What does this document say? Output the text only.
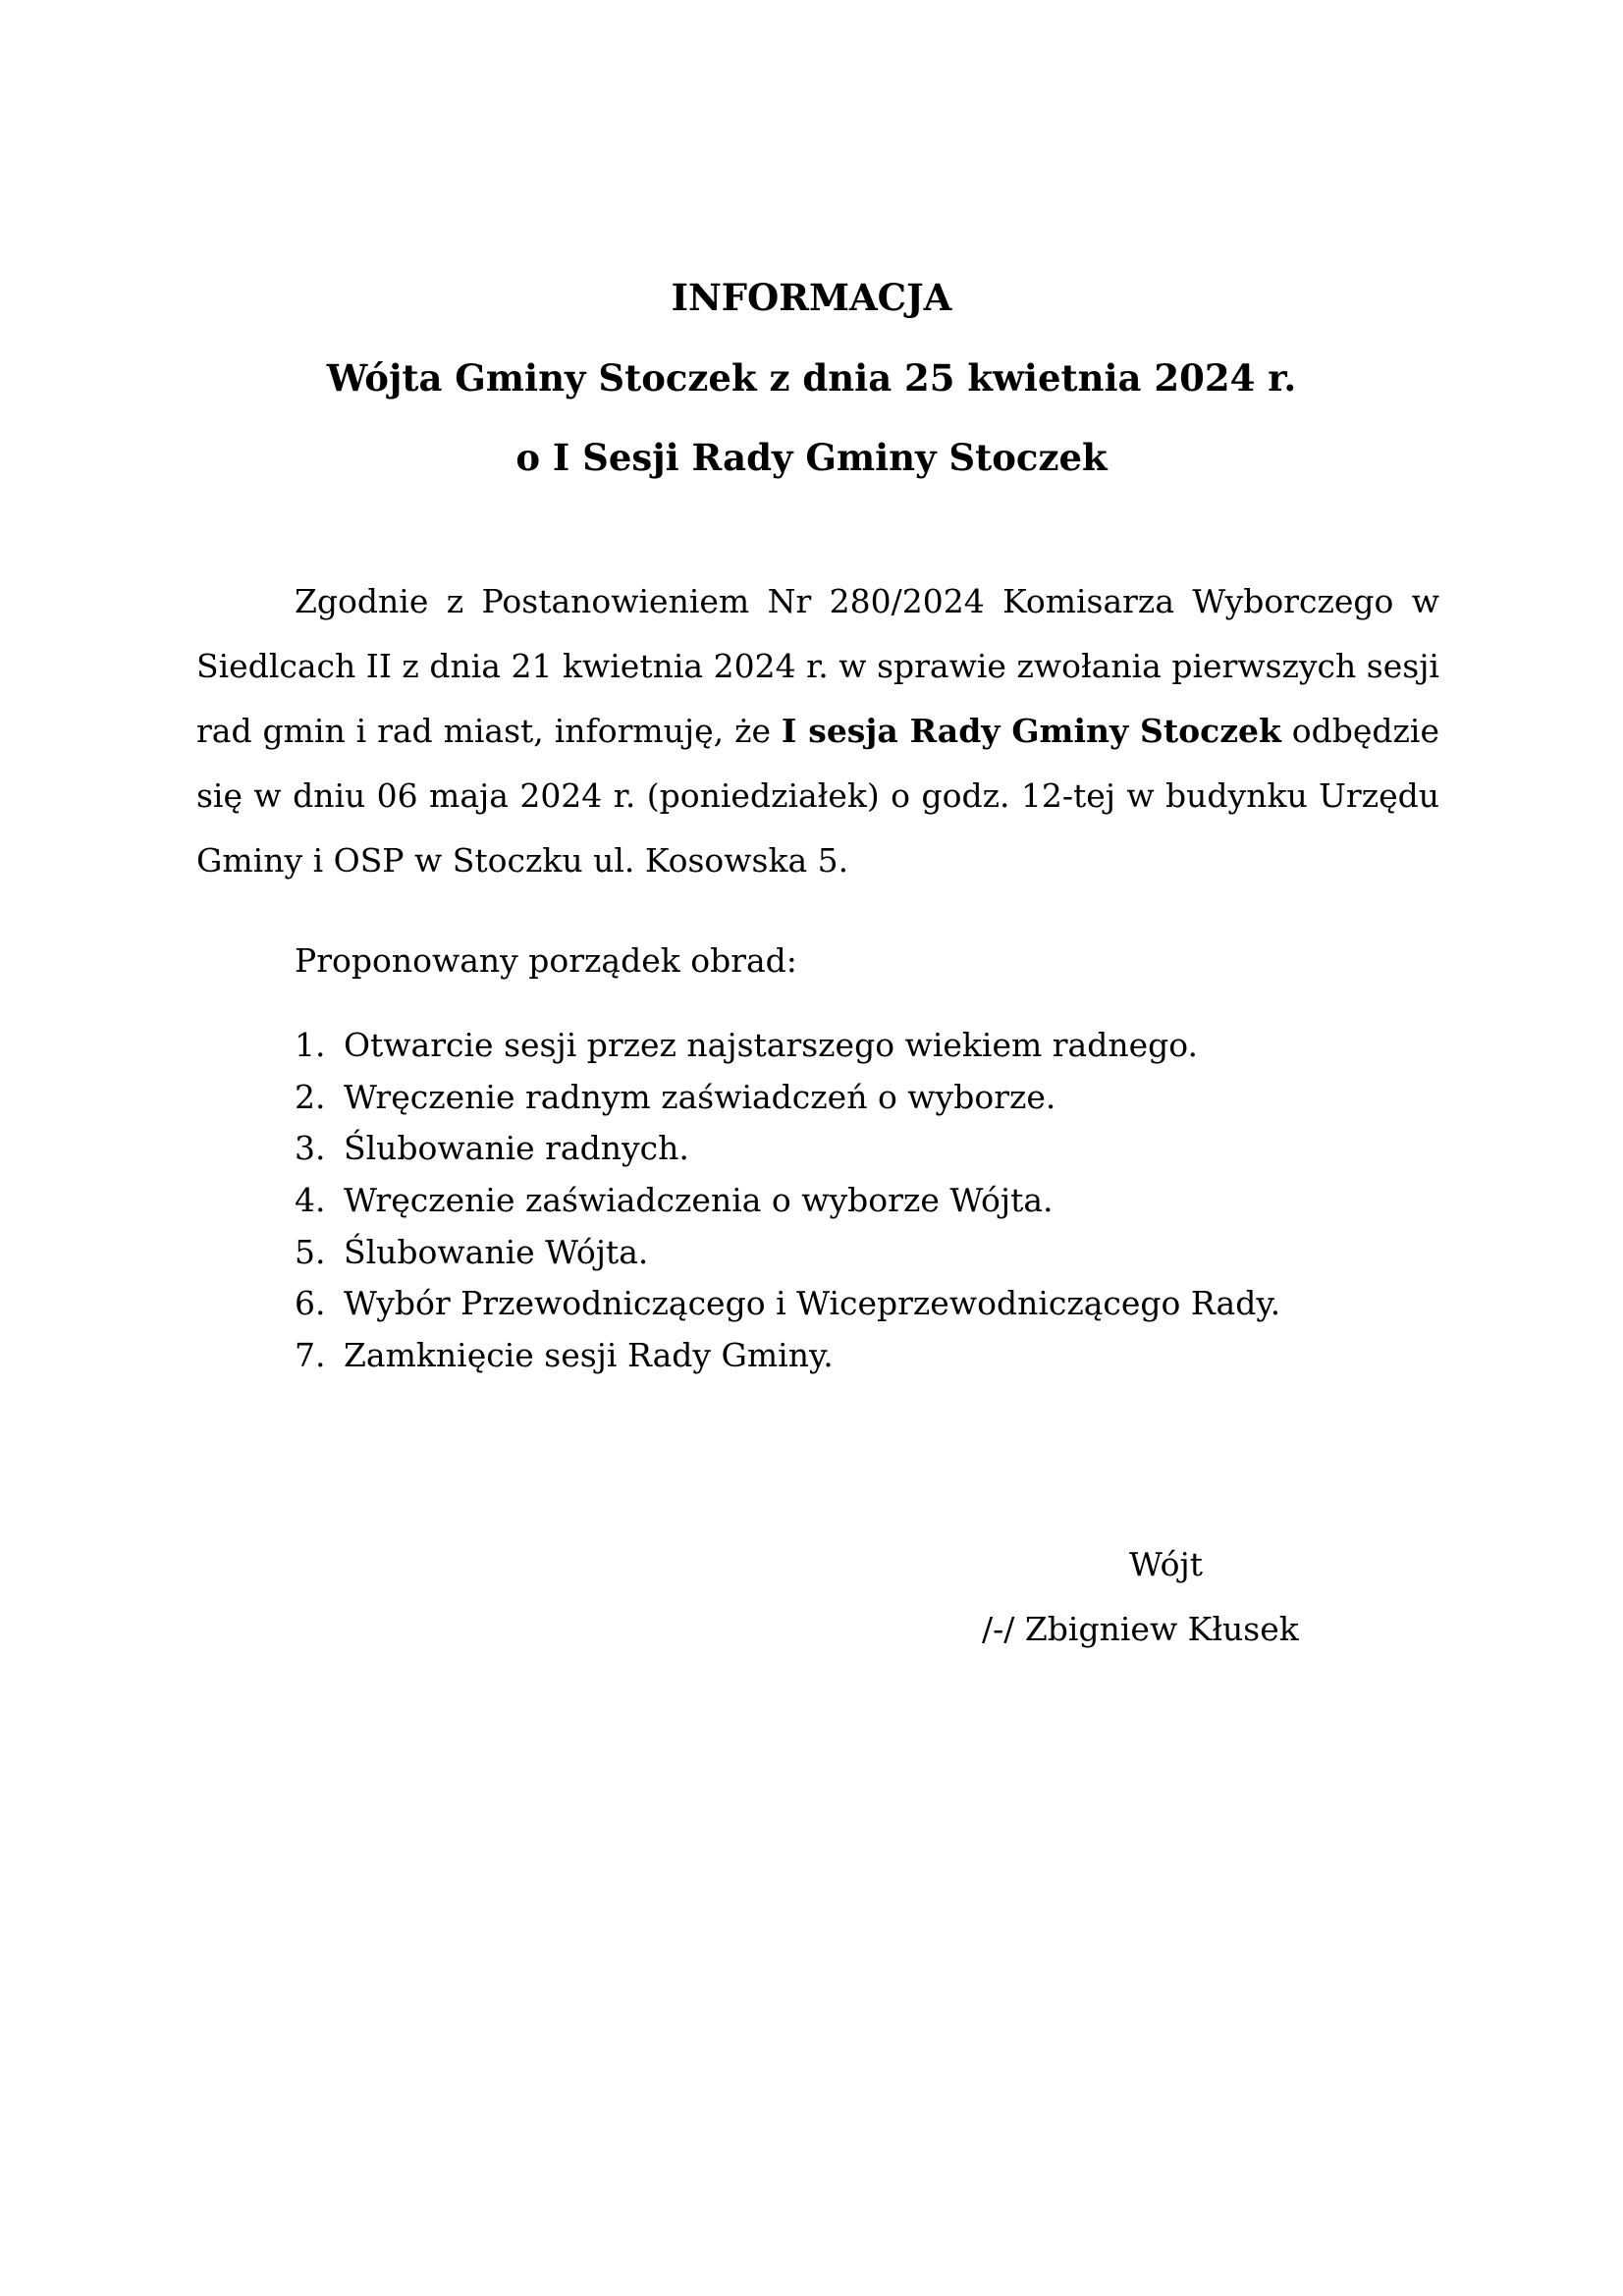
INFORMACJA
Wójta Gminy Stoczek z dnia 25 kwietnia 2024 r.
o I Sesji Rady Gminy Stoczek

Zgodnie z Postanowieniem Nr 280/2024 Komisarza Wyborczego w Siedlcach II z dnia 21 kwietnia 2024 r. w sprawie zwołania pierwszych sesji rad gmin i rad miast, informuję, że I sesja Rady Gminy Stoczek odbędzie się w dniu 06 maja 2024 r. (poniedziałek) o godz. 12-tej w budynku Urzędu Gminy i OSP w Stoczku ul. Kosowska 5.

Proponowany porządek obrad:

1. Otwarcie sesji przez najstarszego wiekiem radnego.
2. Wręczenie radnym zaświadczeń o wyborze.
3. Ślubowanie radnych.
4. Wręczenie zaświadczenia o wyborze Wójta.
5. Ślubowanie Wójta.
6. Wybór Przewodniczącego i Wiceprzewodniczącego Rady.
7. Zamknięcie sesji Rady Gminy.
Wójt
/-/ Zbigniew Kłusek
